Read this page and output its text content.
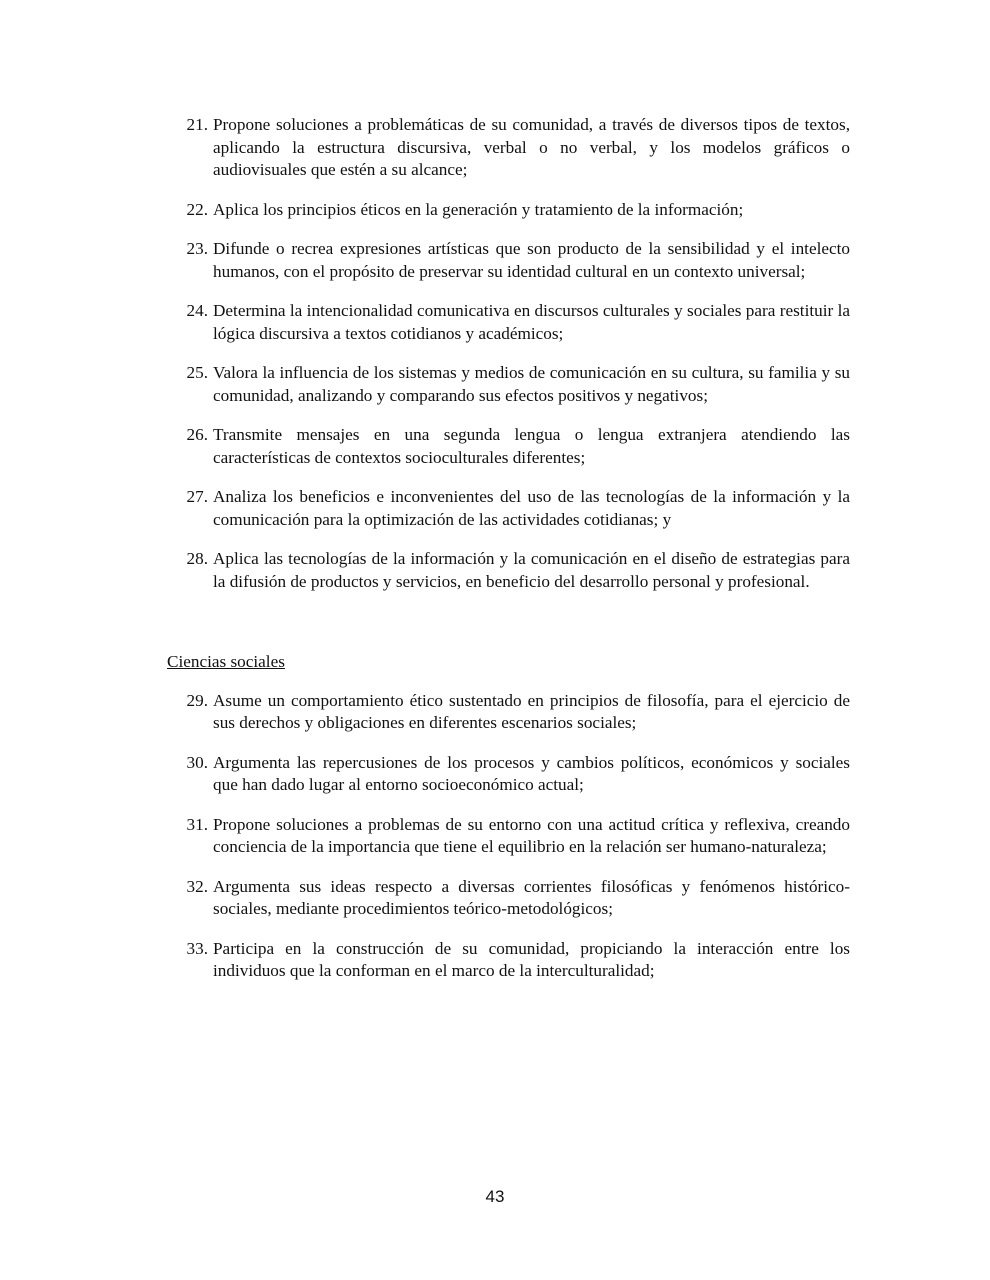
21. Propone soluciones a problemáticas de su comunidad, a través de diversos tipos de textos, aplicando la estructura discursiva, verbal o no verbal, y los modelos gráficos o audiovisuales que estén a su alcance;
22. Aplica los principios éticos en la generación y tratamiento de la información;
23. Difunde o recrea expresiones artísticas que son producto de la sensibilidad y el intelecto humanos, con el propósito de preservar su identidad cultural en un contexto universal;
24. Determina la intencionalidad comunicativa en discursos culturales y sociales para restituir la lógica discursiva a textos cotidianos y académicos;
25. Valora la influencia de los sistemas y medios de comunicación en su cultura, su familia y su comunidad, analizando y comparando sus efectos positivos y negativos;
26. Transmite mensajes en una segunda lengua o lengua extranjera atendiendo las características de contextos socioculturales diferentes;
27. Analiza los beneficios e inconvenientes del uso de las tecnologías de la información y la comunicación para la optimización de las actividades cotidianas; y
28. Aplica las tecnologías de la información y la comunicación en el diseño de estrategias para la difusión de productos y servicios, en beneficio del desarrollo personal y profesional.
Ciencias sociales
29. Asume un comportamiento ético sustentado en principios de filosofía, para el ejercicio de sus derechos y obligaciones en diferentes escenarios sociales;
30. Argumenta las repercusiones de los procesos y cambios políticos, económicos y sociales que han dado lugar al entorno socioeconómico actual;
31. Propone soluciones a problemas de su entorno con una actitud crítica y reflexiva, creando conciencia de la importancia que tiene el equilibrio en la relación ser humano-naturaleza;
32. Argumenta sus ideas respecto a diversas corrientes filosóficas y fenómenos histórico-sociales, mediante procedimientos teórico-metodológicos;
33. Participa en la construcción de su comunidad, propiciando la interacción entre los individuos que la conforman en el marco de la interculturalidad;
43
